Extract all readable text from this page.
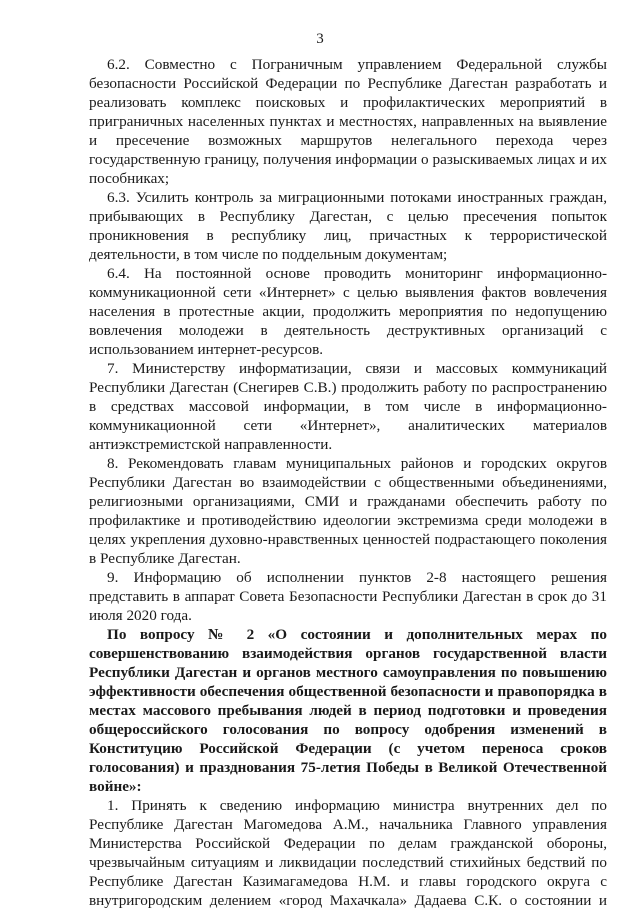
3

6.2. Совместно с Пограничным управлением Федеральной службы безопасности Российской Федерации по Республике Дагестан разработать и реализовать комплекс поисковых и профилактических мероприятий в приграничных населенных пунктах и местностях, направленных на выявление и пресечение возможных маршрутов нелегального перехода через государственную границу, получения информации о разыскиваемых лицах и их пособниках;

6.3. Усилить контроль за миграционными потоками иностранных граждан, прибывающих в Республику Дагестан, с целью пресечения попыток проникновения в республику лиц, причастных к террористической деятельности, в том числе по поддельным документам;

6.4. На постоянной основе проводить мониторинг информационно-коммуникационной сети «Интернет» с целью выявления фактов вовлечения населения в протестные акции, продолжить мероприятия по недопущению вовлечения молодежи в деятельность деструктивных организаций с использованием интернет-ресурсов.

7. Министерству информатизации, связи и массовых коммуникаций Республики Дагестан (Снегирев С.В.) продолжить работу по распространению в средствах массовой информации, в том числе в информационно-коммуникационной сети «Интернет», аналитических материалов антиэкстремистской направленности.

8. Рекомендовать главам муниципальных районов и городских округов Республики Дагестан во взаимодействии с общественными объединениями, религиозными организациями, СМИ и гражданами обеспечить работу по профилактике и противодействию идеологии экстремизма среди молодежи в целях укрепления духовно-нравственных ценностей подрастающего поколения в Республике Дагестан.

9. Информацию об исполнении пунктов 2-8 настоящего решения представить в аппарат Совета Безопасности Республики Дагестан в срок до 31 июля 2020 года.

По вопросу № 2 «О состоянии и дополнительных мерах по совершенствованию взаимодействия органов государственной власти Республики Дагестан и органов местного самоуправления по повышению эффективности обеспечения общественной безопасности и правопорядка в местах массового пребывания людей в период подготовки и проведения общероссийского голосования по вопросу одобрения изменений в Конституцию Российской Федерации (с учетом переноса сроков голосования) и празднования 75-летия Победы в Великой Отечественной войне»:

1. Принять к сведению информацию министра внутренних дел по Республике Дагестан Магомедова А.М., начальника Главного управления Министерства Российской Федерации по делам гражданской обороны, чрезвычайным ситуациям и ликвидации последствий стихийных бедствий по Республике Дагестан Казимагамедова Н.М. и главы городского округа с внутригородским делением «город Махачкала» Дадаева С.К. о состоянии и
